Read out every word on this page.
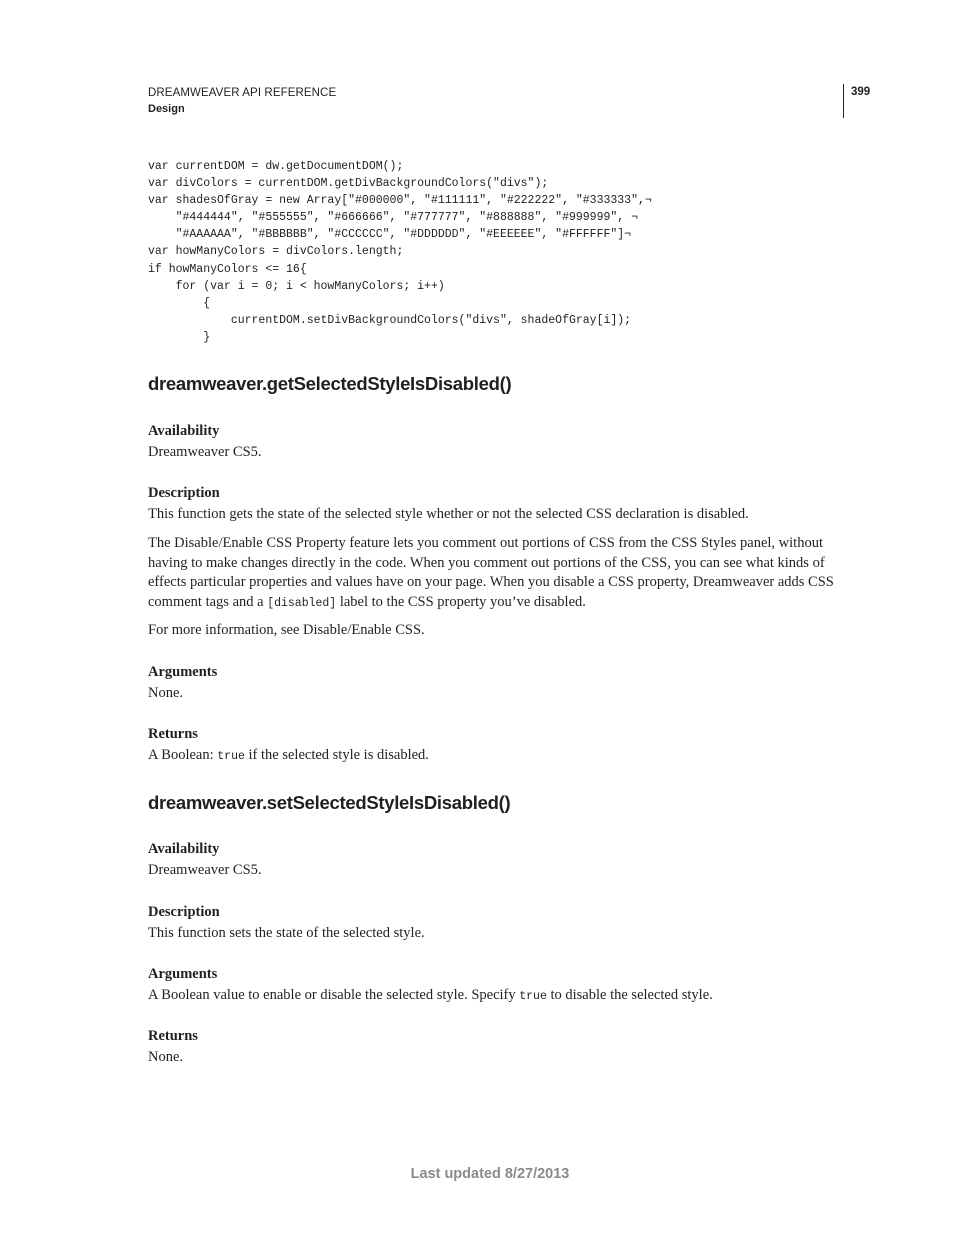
DREAMWEAVER API REFERENCE
Design
399
var currentDOM = dw.getDocumentDOM();
var divColors = currentDOM.getDivBackgroundColors("divs");
var shadesOfGray = new Array["#000000", "#111111", "#222222", "#333333",¬
"#444444", "#555555", "#666666", "#777777", "#888888", "#999999", ¬
"#AAAAAA", "#BBBBBB", "#CCCCCC", "#DDDDDD", "#EEEEEE", "#FFFFFF"]¬
var howManyColors = divColors.length;
if howManyColors <= 16{
for (var i = 0; i < howManyColors; i++)
{
currentDOM.setDivBackgroundColors("divs", shadeOfGray[i]);
}
dreamweaver.getSelectedStyleIsDisabled()
Availability

Dreamweaver CS5.

Description

This function gets the state of the selected style whether or not the selected CSS declaration is disabled.

The Disable/Enable CSS Property feature lets you comment out portions of CSS from the CSS Styles panel, without having to make changes directly in the code. When you comment out portions of the CSS, you can see what kinds of effects particular properties and values have on your page. When you disable a CSS property, Dreamweaver adds CSS comment tags and a [disabled] label to the CSS property you’ve disabled.

For more information, see Disable/Enable CSS.

Arguments

None.

Returns

A Boolean: true if the selected style is disabled.

dreamweaver.setSelectedStyleIsDisabled()
Availability

Dreamweaver CS5.

Description

This function sets the state of the selected style.

Arguments

A Boolean value to enable or disable the selected style. Specify true to disable the selected style.

Returns

None.

Last updated 8/27/2013
